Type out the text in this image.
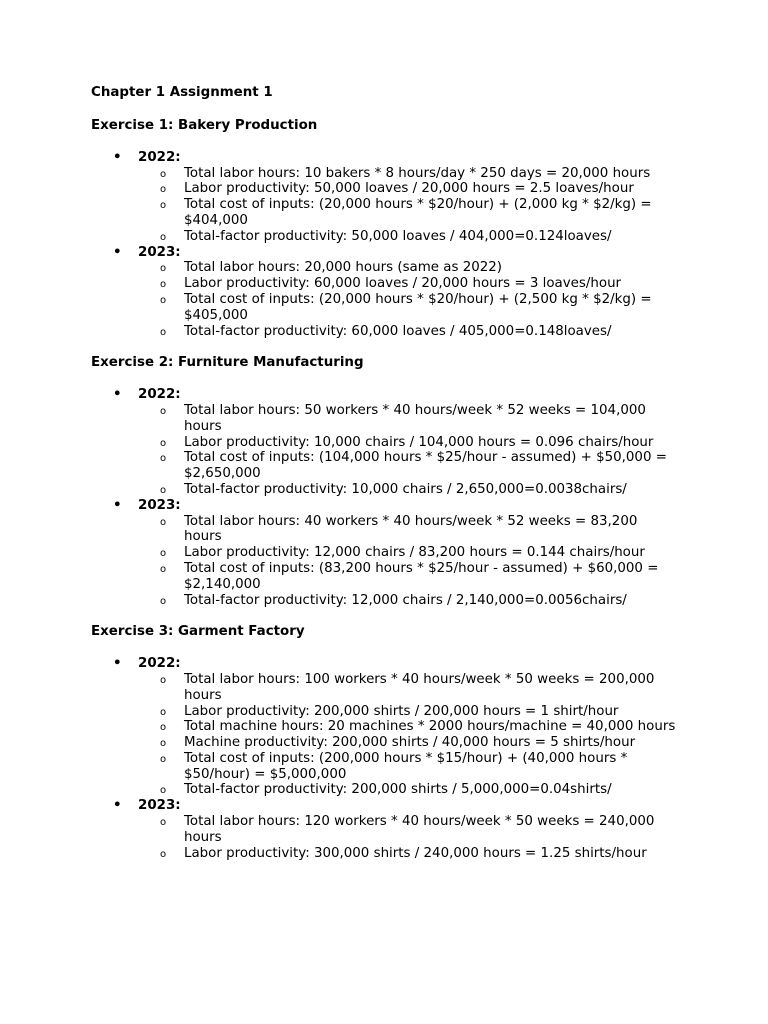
Chapter 1 Assignment 1

Exercise 1: Bakery Production

• 2022:
o Total labor hours: 10 bakers * 8 hours/day * 250 days = 20,000 hours
o Labor productivity: 50,000 loaves / 20,000 hours = 2.5 loaves/hour
o Total cost of inputs: (20,000 hours * $20/hour) + (2,000 kg * $2/kg) = $404,000
o Total-factor productivity: 50,000 loaves / 404,000=0.124loaves/
• 2023:
o Total labor hours: 20,000 hours (same as 2022)
o Labor productivity: 60,000 loaves / 20,000 hours = 3 loaves/hour
o Total cost of inputs: (20,000 hours * $20/hour) + (2,500 kg * $2/kg) = $405,000
o Total-factor productivity: 60,000 loaves / 405,000=0.148loaves/

Exercise 2: Furniture Manufacturing

• 2022:
o Total labor hours: 50 workers * 40 hours/week * 52 weeks = 104,000 hours
o Labor productivity: 10,000 chairs / 104,000 hours = 0.096 chairs/hour
o Total cost of inputs: (104,000 hours * $25/hour - assumed) + $50,000 = $2,650,000
o Total-factor productivity: 10,000 chairs / 2,650,000=0.0038chairs/
• 2023:
o Total labor hours: 40 workers * 40 hours/week * 52 weeks = 83,200 hours
o Labor productivity: 12,000 chairs / 83,200 hours = 0.144 chairs/hour
o Total cost of inputs: (83,200 hours * $25/hour - assumed) + $60,000 = $2,140,000
o Total-factor productivity: 12,000 chairs / 2,140,000=0.0056chairs/

Exercise 3: Garment Factory

• 2022:
o Total labor hours: 100 workers * 40 hours/week * 50 weeks = 200,000 hours
o Labor productivity: 200,000 shirts / 200,000 hours = 1 shirt/hour
o Total machine hours: 20 machines * 2000 hours/machine = 40,000 hours
o Machine productivity: 200,000 shirts / 40,000 hours = 5 shirts/hour
o Total cost of inputs: (200,000 hours * $15/hour) + (40,000 hours * $50/hour) = $5,000,000
o Total-factor productivity: 200,000 shirts / 5,000,000=0.04shirts/
• 2023:
o Total labor hours: 120 workers * 40 hours/week * 50 weeks = 240,000 hours
o Labor productivity: 300,000 shirts / 240,000 hours = 1.25 shirts/hour
